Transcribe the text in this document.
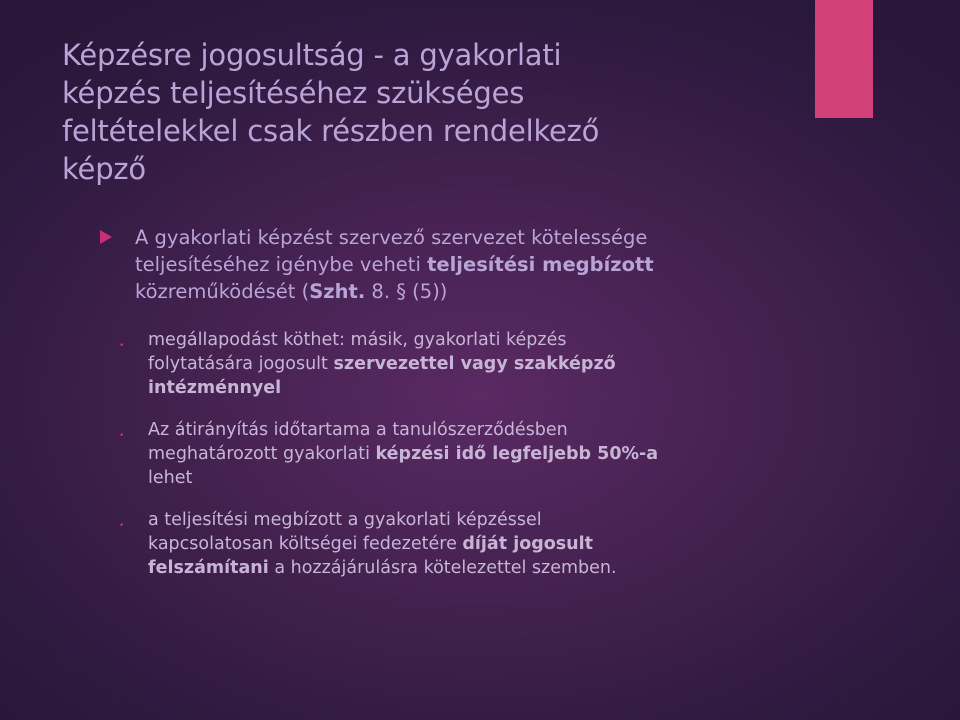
Képzésre jogosultság - a gyakorlati
képzés teljesítéséhez szükséges
feltételekkel csak részben rendelkező
képző
A gyakorlati képzést szervező szervezet kötelessége
teljesítéséhez igénybe veheti teljesítési megbízott
közreműködését (Szht. 8. § (5))
• megállapodást köthet: másik, gyakorlati képzés
folytatására jogosult szervezettel vagy szakképző
intézménnyel
• Az átirányítás időtartama a tanulószerződésben
meghatározott gyakorlati képzési idő legfeljebb 50%-a
lehet
• a teljesítési megbízott a gyakorlati képzéssel
kapcsolatosan költségei fedezetére díját jogosult
felszámítani a hozzájárulásra kötelezettel szemben.
